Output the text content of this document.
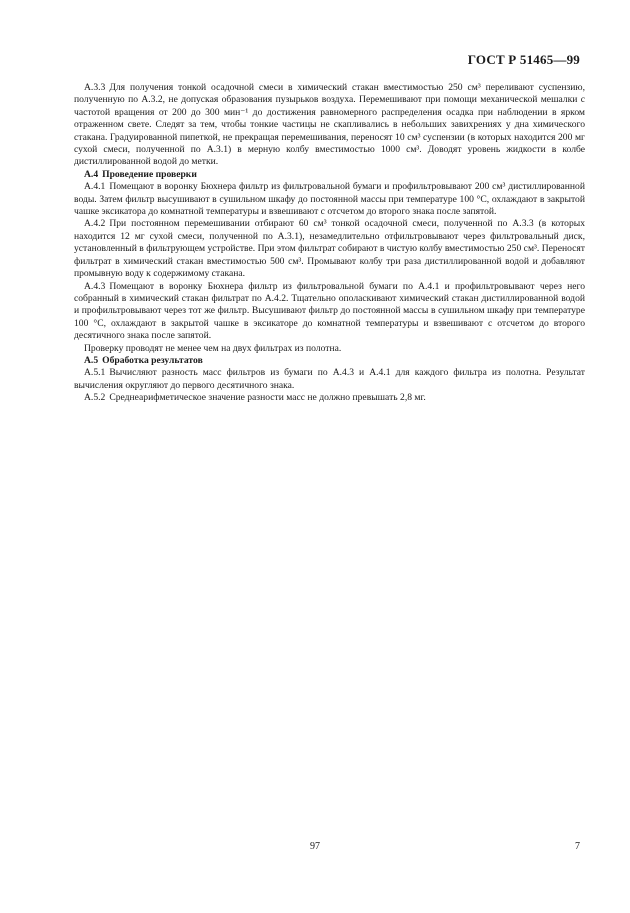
ГОСТ Р 51465—99

А.3.3 Для получения тонкой осадочной смеси в химический стакан вместимостью 250 см³ переливают суспензию, полученную по А.3.2, не допуская образования пузырьков воздуха. Перемешивают при помощи механической мешалки с частотой вращения от 200 до 300 мин⁻¹ до достижения равномерного распределения осадка при наблюдении в ярком отраженном свете. Следят за тем, чтобы тонкие частицы не скапливались в небольших завихрениях у дна химического стакана. Градуированной пипеткой, не прекращая перемешивания, переносят 10 см³ суспензии (в которых находится 200 мг сухой смеси, полученной по А.3.1) в мерную колбу вместимостью 1000 см³. Доводят уровень жидкости в колбе дистиллированной водой до метки.

А.4 Проведение проверки

А.4.1 Помещают в воронку Бюхнера фильтр из фильтровальной бумаги и профильтровывают 200 см³ дистиллированной воды. Затем фильтр высушивают в сушильном шкафу до постоянной массы при температуре 100 °С, охлаждают в закрытой чашке эксикатора до комнатной температуры и взвешивают с отсчетом до второго знака после запятой.

А.4.2 При постоянном перемешивании отбирают 60 см³ тонкой осадочной смеси, полученной по А.3.3 (в которых находится 12 мг сухой смеси, полученной по А.3.1), незамедлительно отфильтровывают через фильтровальный диск, установленный в фильтрующем устройстве. При этом фильтрат собирают в чистую колбу вместимостью 250 см³. Переносят фильтрат в химический стакан вместимостью 500 см³. Промывают колбу три раза дистиллированной водой и добавляют промывную воду к содержимому стакана.

А.4.3 Помещают в воронку Бюхнера фильтр из фильтровальной бумаги по А.4.1 и профильтровывают через него собранный в химический стакан фильтрат по А.4.2. Тщательно ополаскивают химический стакан дистиллированной водой и профильтровывают через тот же фильтр. Высушивают фильтр до постоянной массы в сушильном шкафу при температуре 100 °С, охлаждают в закрытой чашке в эксикаторе до комнатной температуры и взвешивают с отсчетом до второго десятичного знака после запятой.

Проверку проводят не менее чем на двух фильтрах из полотна.

А.5 Обработка результатов

А.5.1 Вычисляют разность масс фильтров из бумаги по А.4.3 и А.4.1 для каждого фильтра из полотна. Результат вычисления округляют до первого десятичного знака.

А.5.2 Среднеарифметическое значение разности масс не должно превышать 2,8 мг.

97	7
